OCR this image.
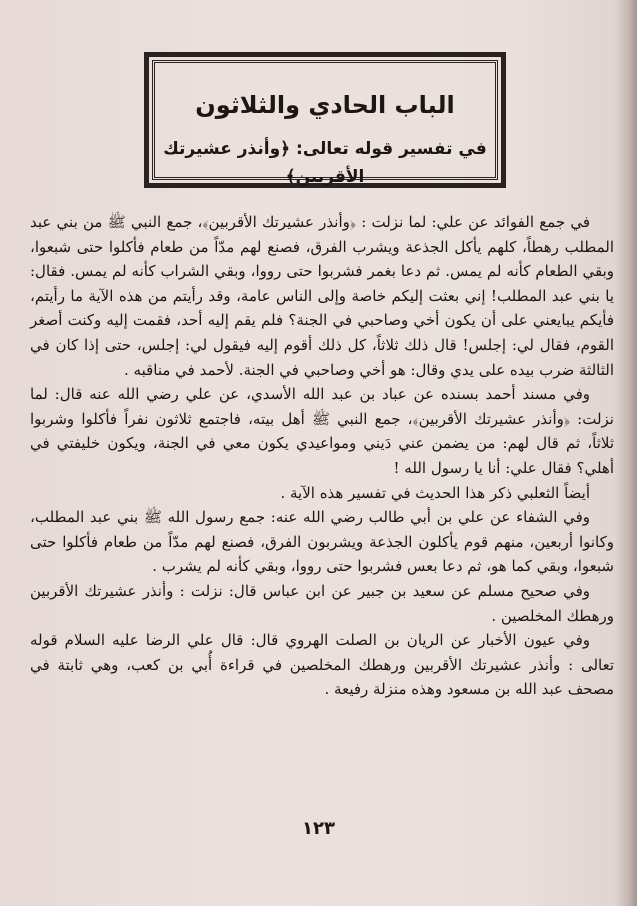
الباب الحادي والثلاثون
في تفسير قوله تعالى: ﴿وأنذر عشيرتك الأقربين﴾

في جمع الفوائد عن علي: لما نزلت : ﴿وأنذر عشيرتك الأقربين﴾، جمع النبي ﷺ من بني عبد المطلب رهطاً، كلهم يأكل الجذعة ويشرب الفرق، فصنع لهم مدّاً من طعام فأكلوا حتى شبعوا، وبقي الطعام كأنه لم يمس. ثم دعا بغمر فشربوا حتى رووا، وبقي الشراب كأنه لم يمس. فقال: يا بني عبد المطلب! إني بعثت إليكم خاصة وإلى الناس عامة، وقد رأيتم من هذه الآية ما رأيتم، فأيكم يبايعني على أن يكون أخي وصاحبي في الجنة؟ فلم يقم إليه أحد، فقمت إليه وكنت أصغر القوم، فقال لي: إجلس! قال ذلك ثلاثاً، كل ذلك أقوم إليه فيقول لي: إجلس، حتى إذا كان في الثالثة ضرب بيده على يدي وقال: هو أخي وصاحبي في الجنة. لأحمد في مناقبه .

وفي مسند أحمد بسنده عن عباد بن عبد الله الأسدي، عن علي رضي الله عنه قال: لما نزلت: ﴿وأنذر عشيرتك الأقربين﴾، جمع النبي ﷺ أهل بيته، فاجتمع ثلاثون نفراً فأكلوا وشربوا ثلاثاً، ثم قال لهم: من يضمن عني دَيني ومواعيدي يكون معي في الجنة، ويكون خليفتي في أهلي؟ فقال علي: أنا يا رسول الله !

أيضاً الثعلبي ذكر هذا الحديث في تفسير هذه الآية .

وفي الشفاء عن علي بن أبي طالب رضي الله عنه: جمع رسول الله ﷺ بني عبد المطلب، وكانوا أربعين، منهم قوم يأكلون الجذعة ويشربون الفرق، فصنع لهم مدّاً من طعام فأكلوا حتى شبعوا، وبقي كما هو، ثم دعا بعس فشربوا حتى رووا، وبقي كأنه لم يشرب .

وفي صحيح مسلم عن سعيد بن جبير عن ابن عباس قال: نزلت : وأنذر عشيرتك الأقربين ورهطك المخلصين .

وفي عيون الأخبار عن الريان بن الصلت الهروي قال: قال علي الرضا عليه السلام قوله تعالى : وأنذر عشيرتك الأقربين ورهطك المخلصين في قراءة أُبي بن كعب، وهي ثابتة في مصحف عبد الله بن مسعود وهذه منزلة رفيعة .

١٢٣
